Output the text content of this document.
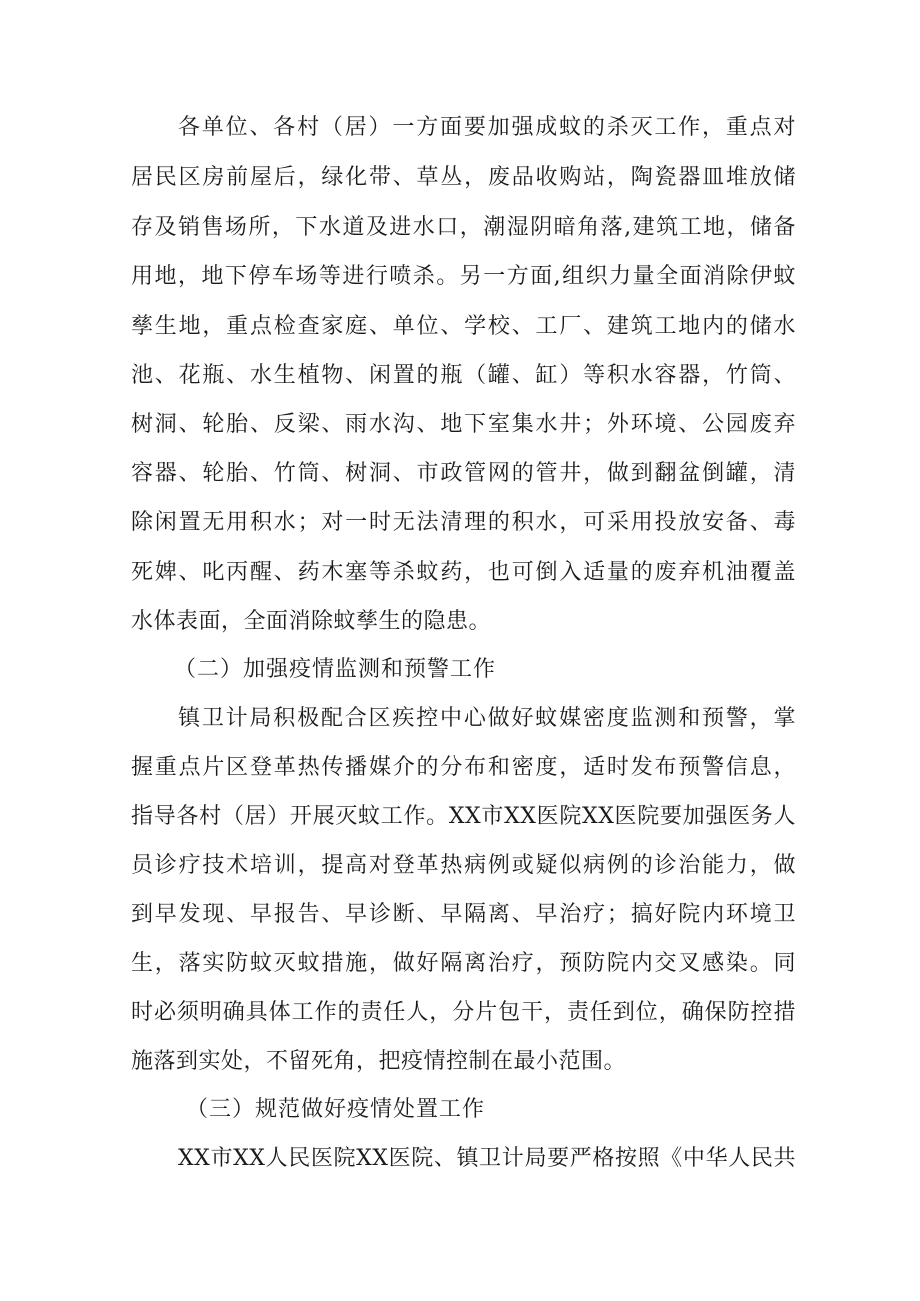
各单位、各村（居）一方面要加强成蚊的杀灭工作，重点对
居民区房前屋后，绿化带、草丛，废品收购站，陶瓷器皿堆放储
存及销售场所，下水道及进水口，潮湿阴暗角落,建筑工地，储备
用地，地下停车场等进行喷杀。另一方面,组织力量全面消除伊蚊
孳生地，重点检查家庭、单位、学校、工厂、建筑工地内的储水
池、花瓶、水生植物、闲置的瓶（罐、缸）等积水容器，竹筒、
树洞、轮胎、反梁、雨水沟、地下室集水井；外环境、公园废弃
容器、轮胎、竹筒、树洞、市政管网的管井，做到翻盆倒罐，清
除闲置无用积水；对一时无法清理的积水，可采用投放安备、毒
死婢、叱丙醒、药木塞等杀蚊药，也可倒入适量的废弃机油覆盖
水体表面，全面消除蚊孳生的隐患。
（二）加强疫情监测和预警工作
镇卫计局积极配合区疾控中心做好蚊媒密度监测和预警，掌
握重点片区登革热传播媒介的分布和密度，适时发布预警信息，
指导各村（居）开展灭蚊工作。XX市XX医院XX医院要加强医务人
员诊疗技术培训，提高对登革热病例或疑似病例的诊治能力，做
到早发现、早报告、早诊断、早隔离、早治疗；搞好院内环境卫
生，落实防蚊灭蚊措施，做好隔离治疗，预防院内交叉感染。同
时必须明确具体工作的责任人，分片包干，责任到位，确保防控措
施落到实处，不留死角，把疫情控制在最小范围。
（三）规范做好疫情处置工作
XX市XX人民医院XX医院、镇卫计局要严格按照《中华人民共
